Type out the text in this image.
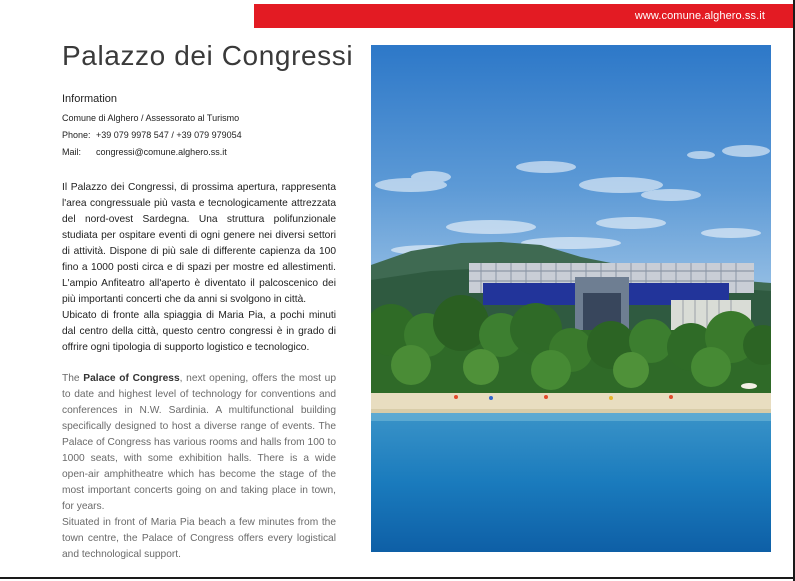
www.comune.alghero.ss.it
Palazzo dei Congressi
Information
Comune di Alghero / Assessorato al Turismo
Phone: +39 079 9978 547 / +39 079 979054
Mail: congressi@comune.alghero.ss.it

Il Palazzo dei Congressi, di prossima apertura, rappresenta l'area congressuale più vasta e tecnologicamente attrezzata del nord-ovest Sardegna. Una struttura polifunzionale studiata per ospitare eventi di ogni genere nei diversi settori di attività. Dispone di più sale di differente capienza da 100 fino a 1000 posti circa e di spazi per mostre ed allestimenti. L'ampio Anfiteatro all'aperto è diventato il palcoscenico dei più importanti concerti che da anni si svolgono in città.

Ubicato di fronte alla spiaggia di Maria Pia, a pochi minuti dal centro della città, questo centro congressi è in grado di offrire ogni tipologia di supporto logistico e tecnologico.

The Palace of Congress, next opening, offers the most up to date and highest level of technology for conventions and conferences in N.W. Sardinia. A multifunctional building specifically designed to host a diverse range of events. The Palace of Congress has various rooms and halls from 100 to 1000 seats, with some exhibition halls. There is a wide open-air amphitheatre which has become the stage of the most important concerts going on and taking place in town, for years.

Situated in front of Maria Pia beach a few minutes from the town centre, the Palace of Congress offers every logistical and technological support.
